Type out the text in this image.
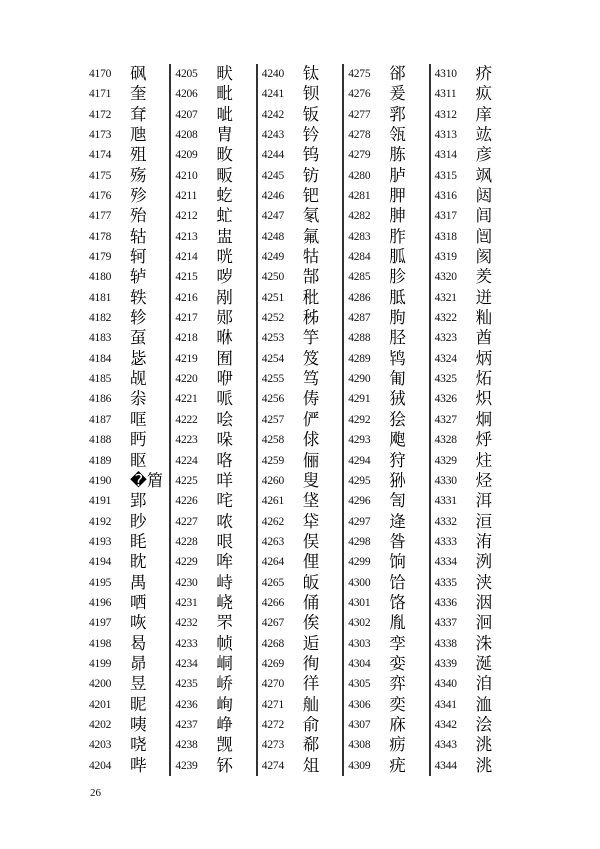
4170 砜
4171 奎
4172 耷
4173 虺
4174 殂
4175 殇
4176 殄
4177 殆
4178 轱
4179 轲
4180 轳
4181 轶
4182 轸
4183 虿
4184 毖
4185 觇
4186 尜
4187 哐
4188 眄
4189 眍
4190 �篃
4191 郢
4192 眇
4193 眊
4194 眈
4195 禺
4196 哂
4197 咴
4198 曷
4199 昴
4200 昱
4201 昵
4202 咦
4203 哓
4204 哔
4205 畎
4206 毗
4207 呲
4208 胄
4209 畋
4210 畈
4211 虼
4212 虻
4213 盅
4214 咣
4215 哕
4216 剐
4217 郧
4218 咻
4219 囿
4220 咿
4221 哌
4222 哙
4223 哚
4224 咯
4225 咩
4226 咤
4227 哝
4228 哏
4229 哞
4230 峙
4231 峣
4232 罘
4233 帧
4234 峒
4235 峤
4236 峋
4237 峥
4238 觊
4239 钚
4240 钛
4241 钡
4242 钣
4243 钤
4244 钨
4245 钫
4246 钯
4247 氡
4248 氟
4249 牯
4250 郜
4251 秕
4252 秭
4253 竽
4254 笈
4255 笃
4256 俦
4257 俨
4258 俅
4259 俪
4260 叟
4261 垡
4262 牮
4263 俣
4264 俚
4265 皈
4266 俑
4267 俟
4268 逅
4269 徇
4270 徉
4271 舢
4272 俞
4273 郗
4274 俎
4275 郤
4276 爰
4277 郛
4278 瓴
4279 胨
4280 胪
4281 胛
4282 胂
4283 胙
4284 胍
4285 胗
4286 胝
4287 朐
4288 胫
4289 鸨
4290 匍
4291 狨
4292 狯
4293 飑
4294 狩
4295 狲
4296 訇
4297 逄
4298 昝
4299 饷
4300 饸
4301 饹
4302 胤
4303 孪
4304 娈
4305 弈
4306 奕
4307 庥
4308 疬
4309 疣
4310 疥
4311 疭
4312 庠
4313 竑
4314 彦
4315 飒
4316 闼
4317 闾
4318 闿
4319 阂
4320 羑
4321 迸
4322 籼
4323 酋
4324 炳
4325 炻
4326 炽
4327 炯
4328 烀
4329 炷
4330 烃
4331 洱
4332 洹
4333 洧
4334 洌
4335 浃
4336 洇
4337 洄
4338 洙
4339 涎
4340 洎
4341 洫
4342 浍
4343 洮
4344 洮
26
